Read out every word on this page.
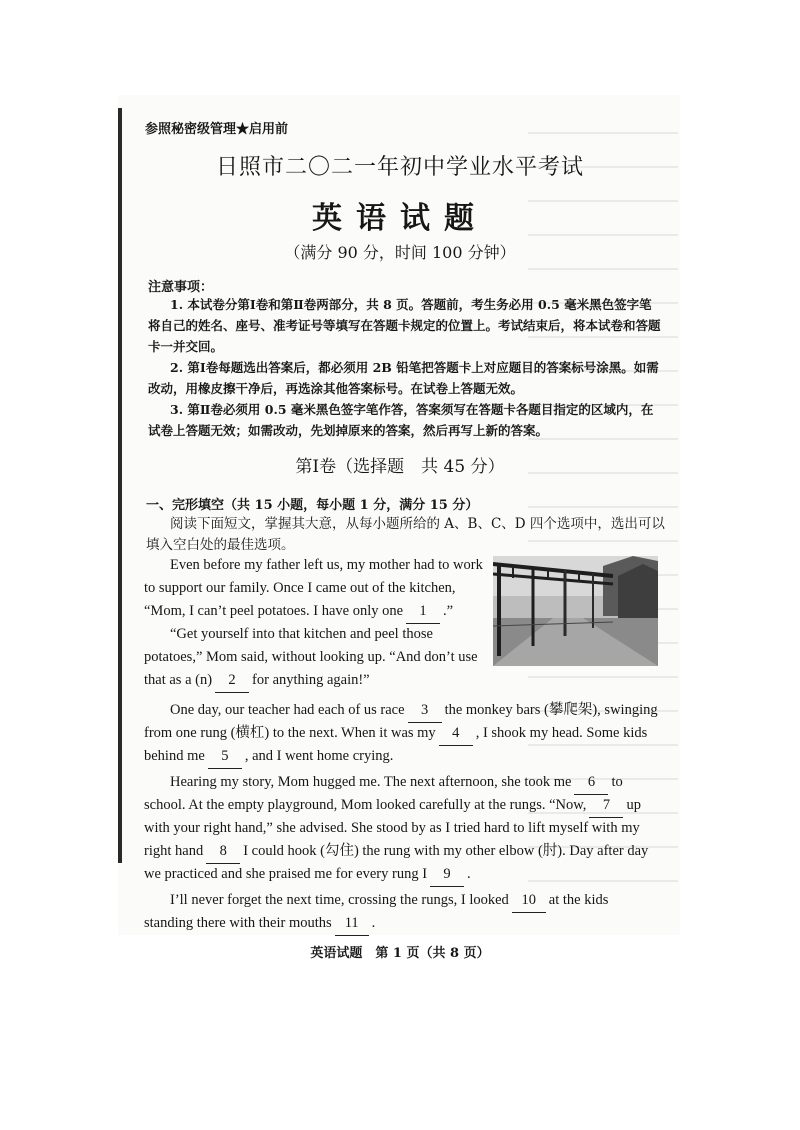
参照秘密级管理★启用前
日照市二〇二一年初中学业水平考试
英语试题
（满分 90 分，时间 100 分钟）
注意事项：
1. 本试卷分第Ⅰ卷和第Ⅱ卷两部分，共 8 页。答题前，考生务必用 0.5 毫米黑色签字笔将自己的姓名、座号、准考证号等填写在答题卡规定的位置上。考试结束后，将本试卷和答题卡一并交回。
2. 第Ⅰ卷每题选出答案后，都必须用 2B 铅笔把答题卡上对应题目的答案标号涂黑。如需改动，用橡皮擦干净后，再选涂其他答案标号。在试卷上答题无效。
3. 第Ⅱ卷必须用 0.5 毫米黑色签字笔作答，答案须写在答题卡各题目指定的区域内，在试卷上答题无效；如需改动，先划掉原来的答案，然后再写上新的答案。
第Ⅰ卷（选择题　共 45 分）
一、完形填空（共 15 小题，每小题 1 分，满分 15 分）
阅读下面短文，掌握其大意，从每小题所给的 A、B、C、D 四个选项中，选出可以填入空白处的最佳选项。
Even before my father left us, my mother had to work
to support our family. Once I came out of the kitchen,
“Mom, I can’t peel potatoes. I have only one 1 .”
“Get yourself into that kitchen and peel those
potatoes,” Mom said, without looking up. “And don’t use
that as a (n) 2 for anything again!”
One day, our teacher had each of us race 3 the monkey bars (攀爬架), swinging
from one rung (横杠) to the next. When it was my 4 , I shook my head. Some kids
behind me 5 , and I went home crying.
Hearing my story, Mom hugged me. The next afternoon, she took me 6 to
school. At the empty playground, Mom looked carefully at the rungs. “Now, 7 up
with your right hand,” she advised. She stood by as I tried hard to lift myself with my
right hand 8 I could hook (勾住) the rung with my other elbow (肘). Day after day
we practiced and she praised me for every rung I 9 .
I’ll never forget the next time, crossing the rungs, I looked 10 at the kids
standing there with their mouths 11 .
英语试题　第 1 页（共 8 页）
